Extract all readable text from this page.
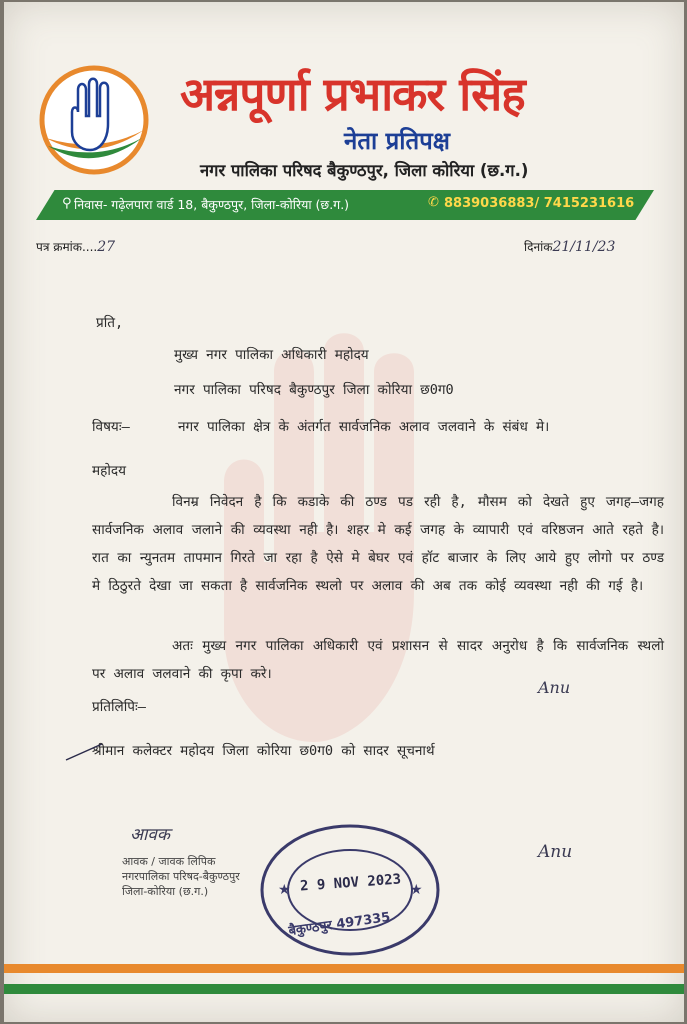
अन्नपूर्णा प्रभाकर सिंह
नेता प्रतिपक्ष
नगर पालिका परिषद बैकुण्ठपुर, जिला कोरिया (छ.ग.)
⚲ निवास- गढ़ेलपारा वार्ड 18, बैकुण्ठपुर, जिला-कोरिया (छ.ग.)	✆ 8839036883/ 7415231616
पत्र क्रमांक....27	दिनांक21/11/23
प्रति,
मुख्य नगर पालिका अधिकारी महोदय
नगर पालिका परिषद बैकुण्ठपुर जिला कोरिया छ0ग0
विषयः–	नगर पालिका क्षेत्र के अंतर्गत सार्वजनिक अलाव जलवाने के संबंध मे।
महोदय
विनम्र निवेदन है कि कडाके की ठण्ड पड रही है, मौसम को देखते हुए जगह–जगह सार्वजनिक अलाव जलाने की व्यवस्था नही है। शहर मे कई जगह के व्यापारी एवं वरिष्ठजन आते रहते है। रात का न्युनतम तापमान गिरते जा रहा है ऐसे मे बेघर एवं हॉट बाजार के लिए आये हुए लोगो पर ठण्ड मे ठिठुरते देखा जा सकता है सार्वजनिक स्थलो पर अलाव की अब तक कोई व्यवस्था नही की गई है।
अतः मुख्य नगर पालिका अधिकारी एवं प्रशासन से सादर अनुरोध है कि सार्वजनिक स्थलो पर अलाव जलवाने की कृपा करे।
Anu
प्रतिलिपिः–
श्रीमान कलेक्टर महोदय जिला कोरिया छ0ग0 को सादर सूचनार्थ
आवक
आवक / जावक लिपिक
नगरपालिका परिषद-बैकुण्ठपुर
जिला-कोरिया (छ.ग.)	★	★
2 9 NOV 2023
बैकुण्ठपुर 497335
Anu
